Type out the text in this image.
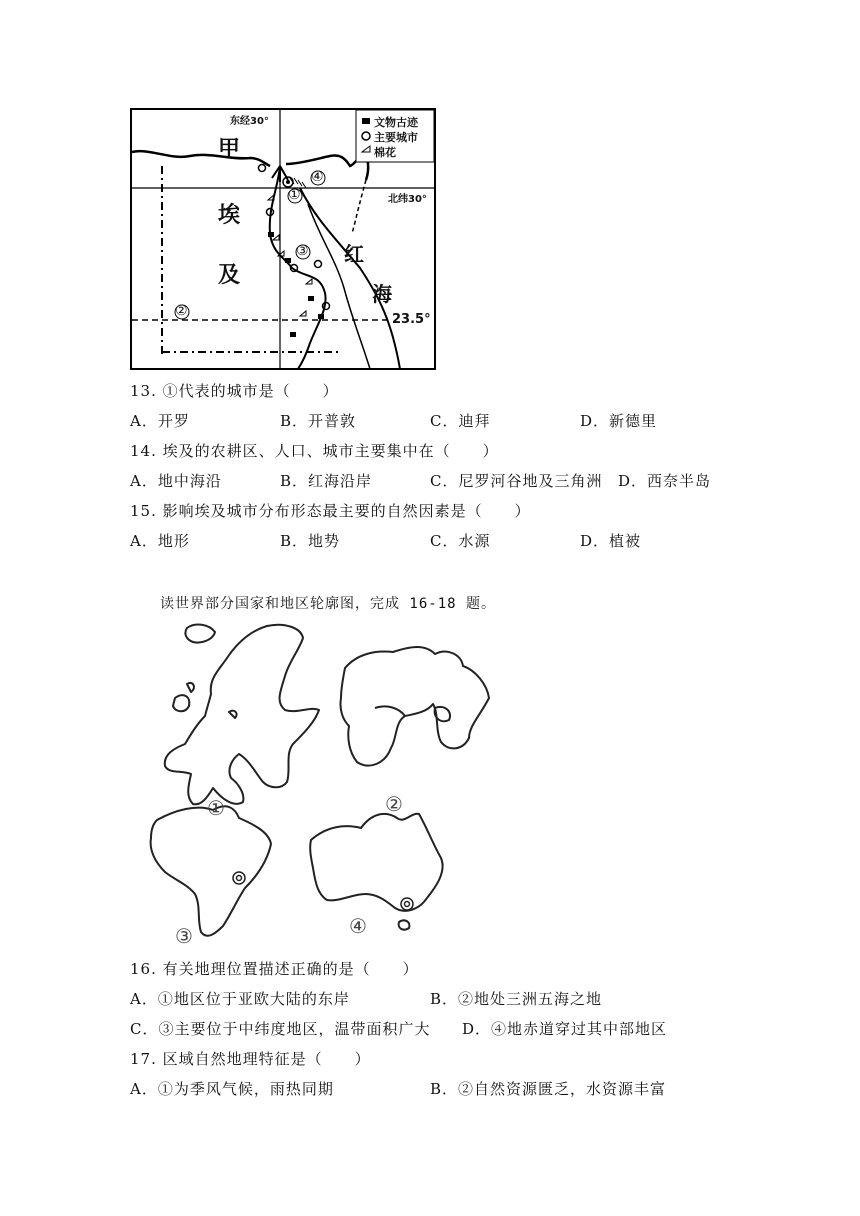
东经30°
北纬30°
23.5°
文物古迹
主要城市
棉花
甲
埃
及
红
海
①
②
③
④
13. ①代表的城市是（　　）
A．开罗	B．开普敦	C．迪拜	D．新德里
14. 埃及的农耕区、人口、城市主要集中在（　　）
A．地中海沿	B．红海沿岸	C．尼罗河谷地及三角洲 D．西奈半岛
15. 影响埃及城市分布形态最主要的自然因素是（　　）
A．地形	B．地势	C．水源	D．植被
读世界部分国家和地区轮廓图，完成 16-18 题。
①	②
③	④
16. 有关地理位置描述正确的是（　　）
A．①地区位于亚欧大陆的东岸	B．②地处三洲五海之地
C．③主要位于中纬度地区，温带面积广大 D．④地赤道穿过其中部地区
17. 区域自然地理特征是（　　）
A．①为季风气候，雨热同期	B．②自然资源匮乏，水资源丰富
